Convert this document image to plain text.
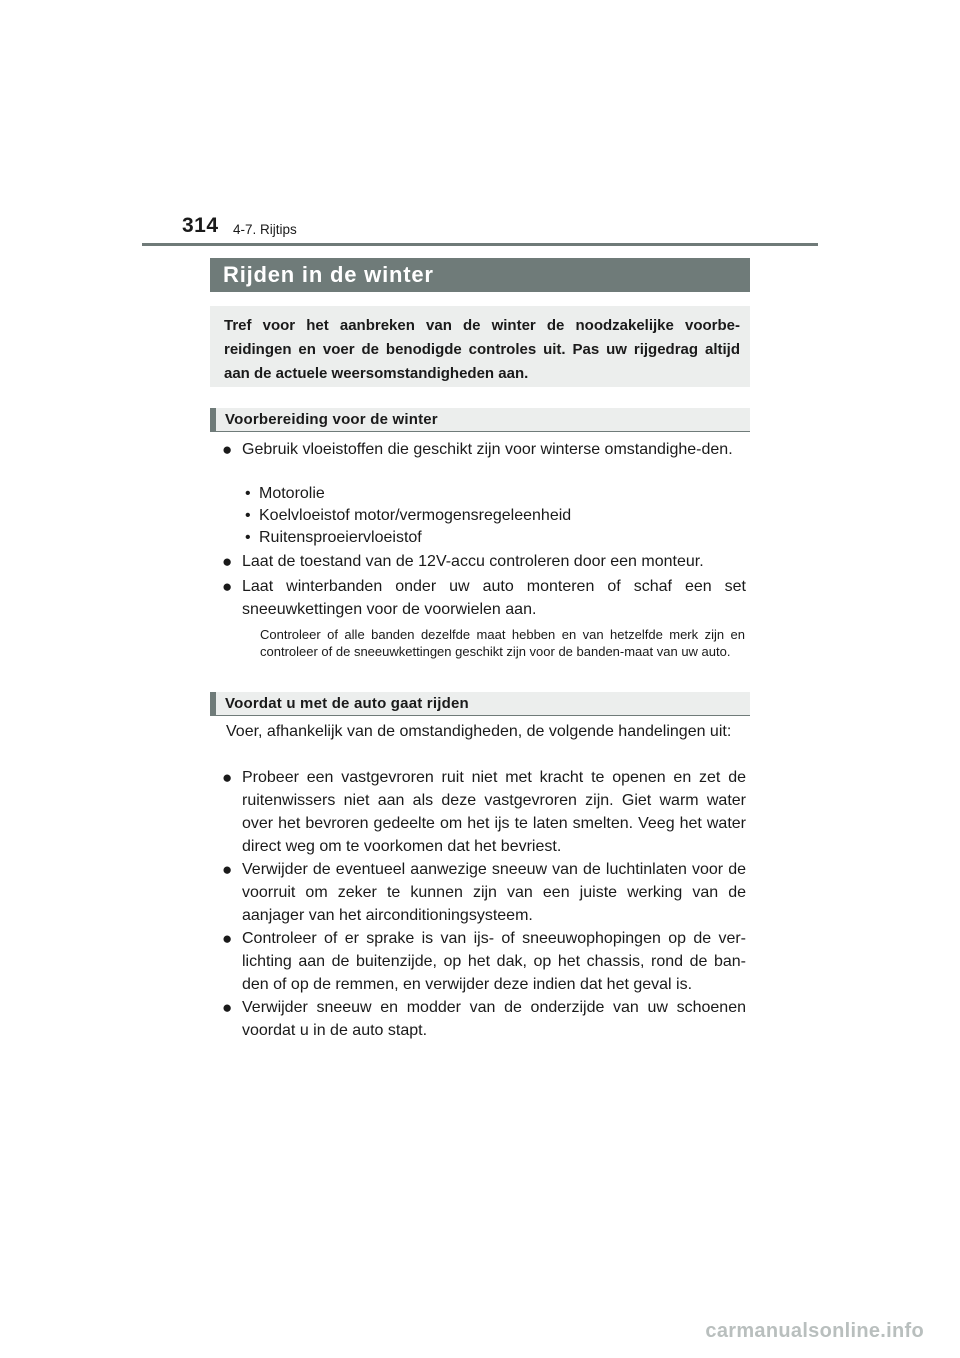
314 4-7. Rijtips
Rijden in de winter
Tref voor het aanbreken van de winter de noodzakelijke voorbe-reidingen en voer de benodigde controles uit. Pas uw rijgedrag altijd aan de actuele weersomstandigheden aan.
Voorbereiding voor de winter
● Gebruik vloeistoffen die geschikt zijn voor winterse omstandighe-den.
• Motorolie
• Koelvloeistof motor/vermogensregeleenheid
• Ruitensproeiervloeistof
● Laat de toestand van de 12V-accu controleren door een monteur.
● Laat winterbanden onder uw auto monteren of schaf een set sneeuwkettingen voor de voorwielen aan.
Controleer of alle banden dezelfde maat hebben en van hetzelfde merk zijn en controleer of de sneeuwkettingen geschikt zijn voor de banden-maat van uw auto.
Voordat u met de auto gaat rijden
Voer, afhankelijk van de omstandigheden, de volgende handelingen uit:
● Probeer een vastgevroren ruit niet met kracht te openen en zet de ruitenwissers niet aan als deze vastgevroren zijn. Giet warm water over het bevroren gedeelte om het ijs te laten smelten. Veeg het water direct weg om te voorkomen dat het bevriest.
● Verwijder de eventueel aanwezige sneeuw van de luchtinlaten voor de voorruit om zeker te kunnen zijn van een juiste werking van de aanjager van het airconditioningsysteem.
● Controleer of er sprake is van ijs- of sneeuwophopingen op de ver-lichting aan de buitenzijde, op het dak, op het chassis, rond de ban-den of op de remmen, en verwijder deze indien dat het geval is.
● Verwijder sneeuw en modder van de onderzijde van uw schoenen voordat u in de auto stapt.
carmanualsonline.info
